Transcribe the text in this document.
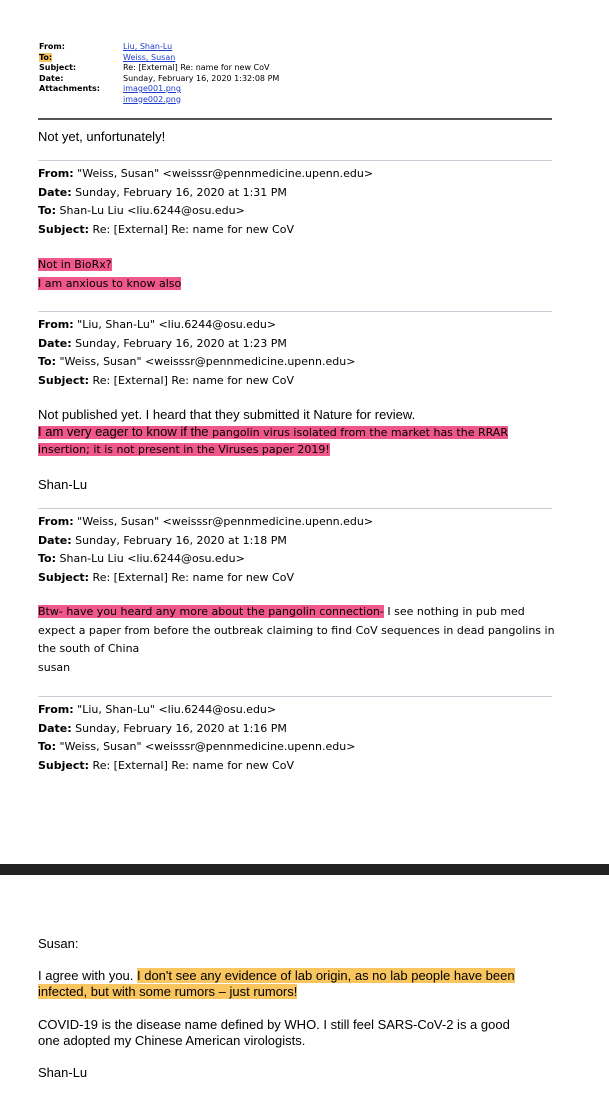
From:	Liu, Shan-Lu
To:	Weiss, Susan
Subject:	Re: [External] Re: name for new CoV
Date:	Sunday, February 16, 2020 1:32:08 PM
Attachments:	image001.png
image002.png
Not yet, unfortunately!
From: "Weiss, Susan" <weisssr@pennmedicine.upenn.edu>
Date: Sunday, February 16, 2020 at 1:31 PM
To: Shan-Lu Liu <liu.6244@osu.edu>
Subject: Re: [External] Re: name for new CoV
Not in BioRx?
I am anxious to know also
From: "Liu, Shan-Lu" <liu.6244@osu.edu>
Date: Sunday, February 16, 2020 at 1:23 PM
To: "Weiss, Susan" <weisssr@pennmedicine.upenn.edu>
Subject: Re: [External] Re: name for new CoV
Not published yet. I heard that they submitted it Nature for review.
I am very eager to know if the pangolin virus isolated from the market has the RRAR
insertion; it is not present in the Viruses paper 2019!
Shan-Lu
From: "Weiss, Susan" <weisssr@pennmedicine.upenn.edu>
Date: Sunday, February 16, 2020 at 1:18 PM
To: Shan-Lu Liu <liu.6244@osu.edu>
Subject: Re: [External] Re: name for new CoV
Btw- have you heard any more about the pangolin connection- I see nothing in pub med
expect a paper from before the outbreak claiming to find CoV sequences in dead pangolins in
the south of China
susan
From: "Liu, Shan-Lu" <liu.6244@osu.edu>
Date: Sunday, February 16, 2020 at 1:16 PM
To: "Weiss, Susan" <weisssr@pennmedicine.upenn.edu>
Subject: Re: [External] Re: name for new CoV
Susan:
I agree with you. I don't see any evidence of lab origin, as no lab people have been
infected, but with some rumors – just rumors!
COVID-19 is the disease name defined by WHO. I still feel SARS-CoV-2 is a good
one adopted my Chinese American virologists.
Shan-Lu
